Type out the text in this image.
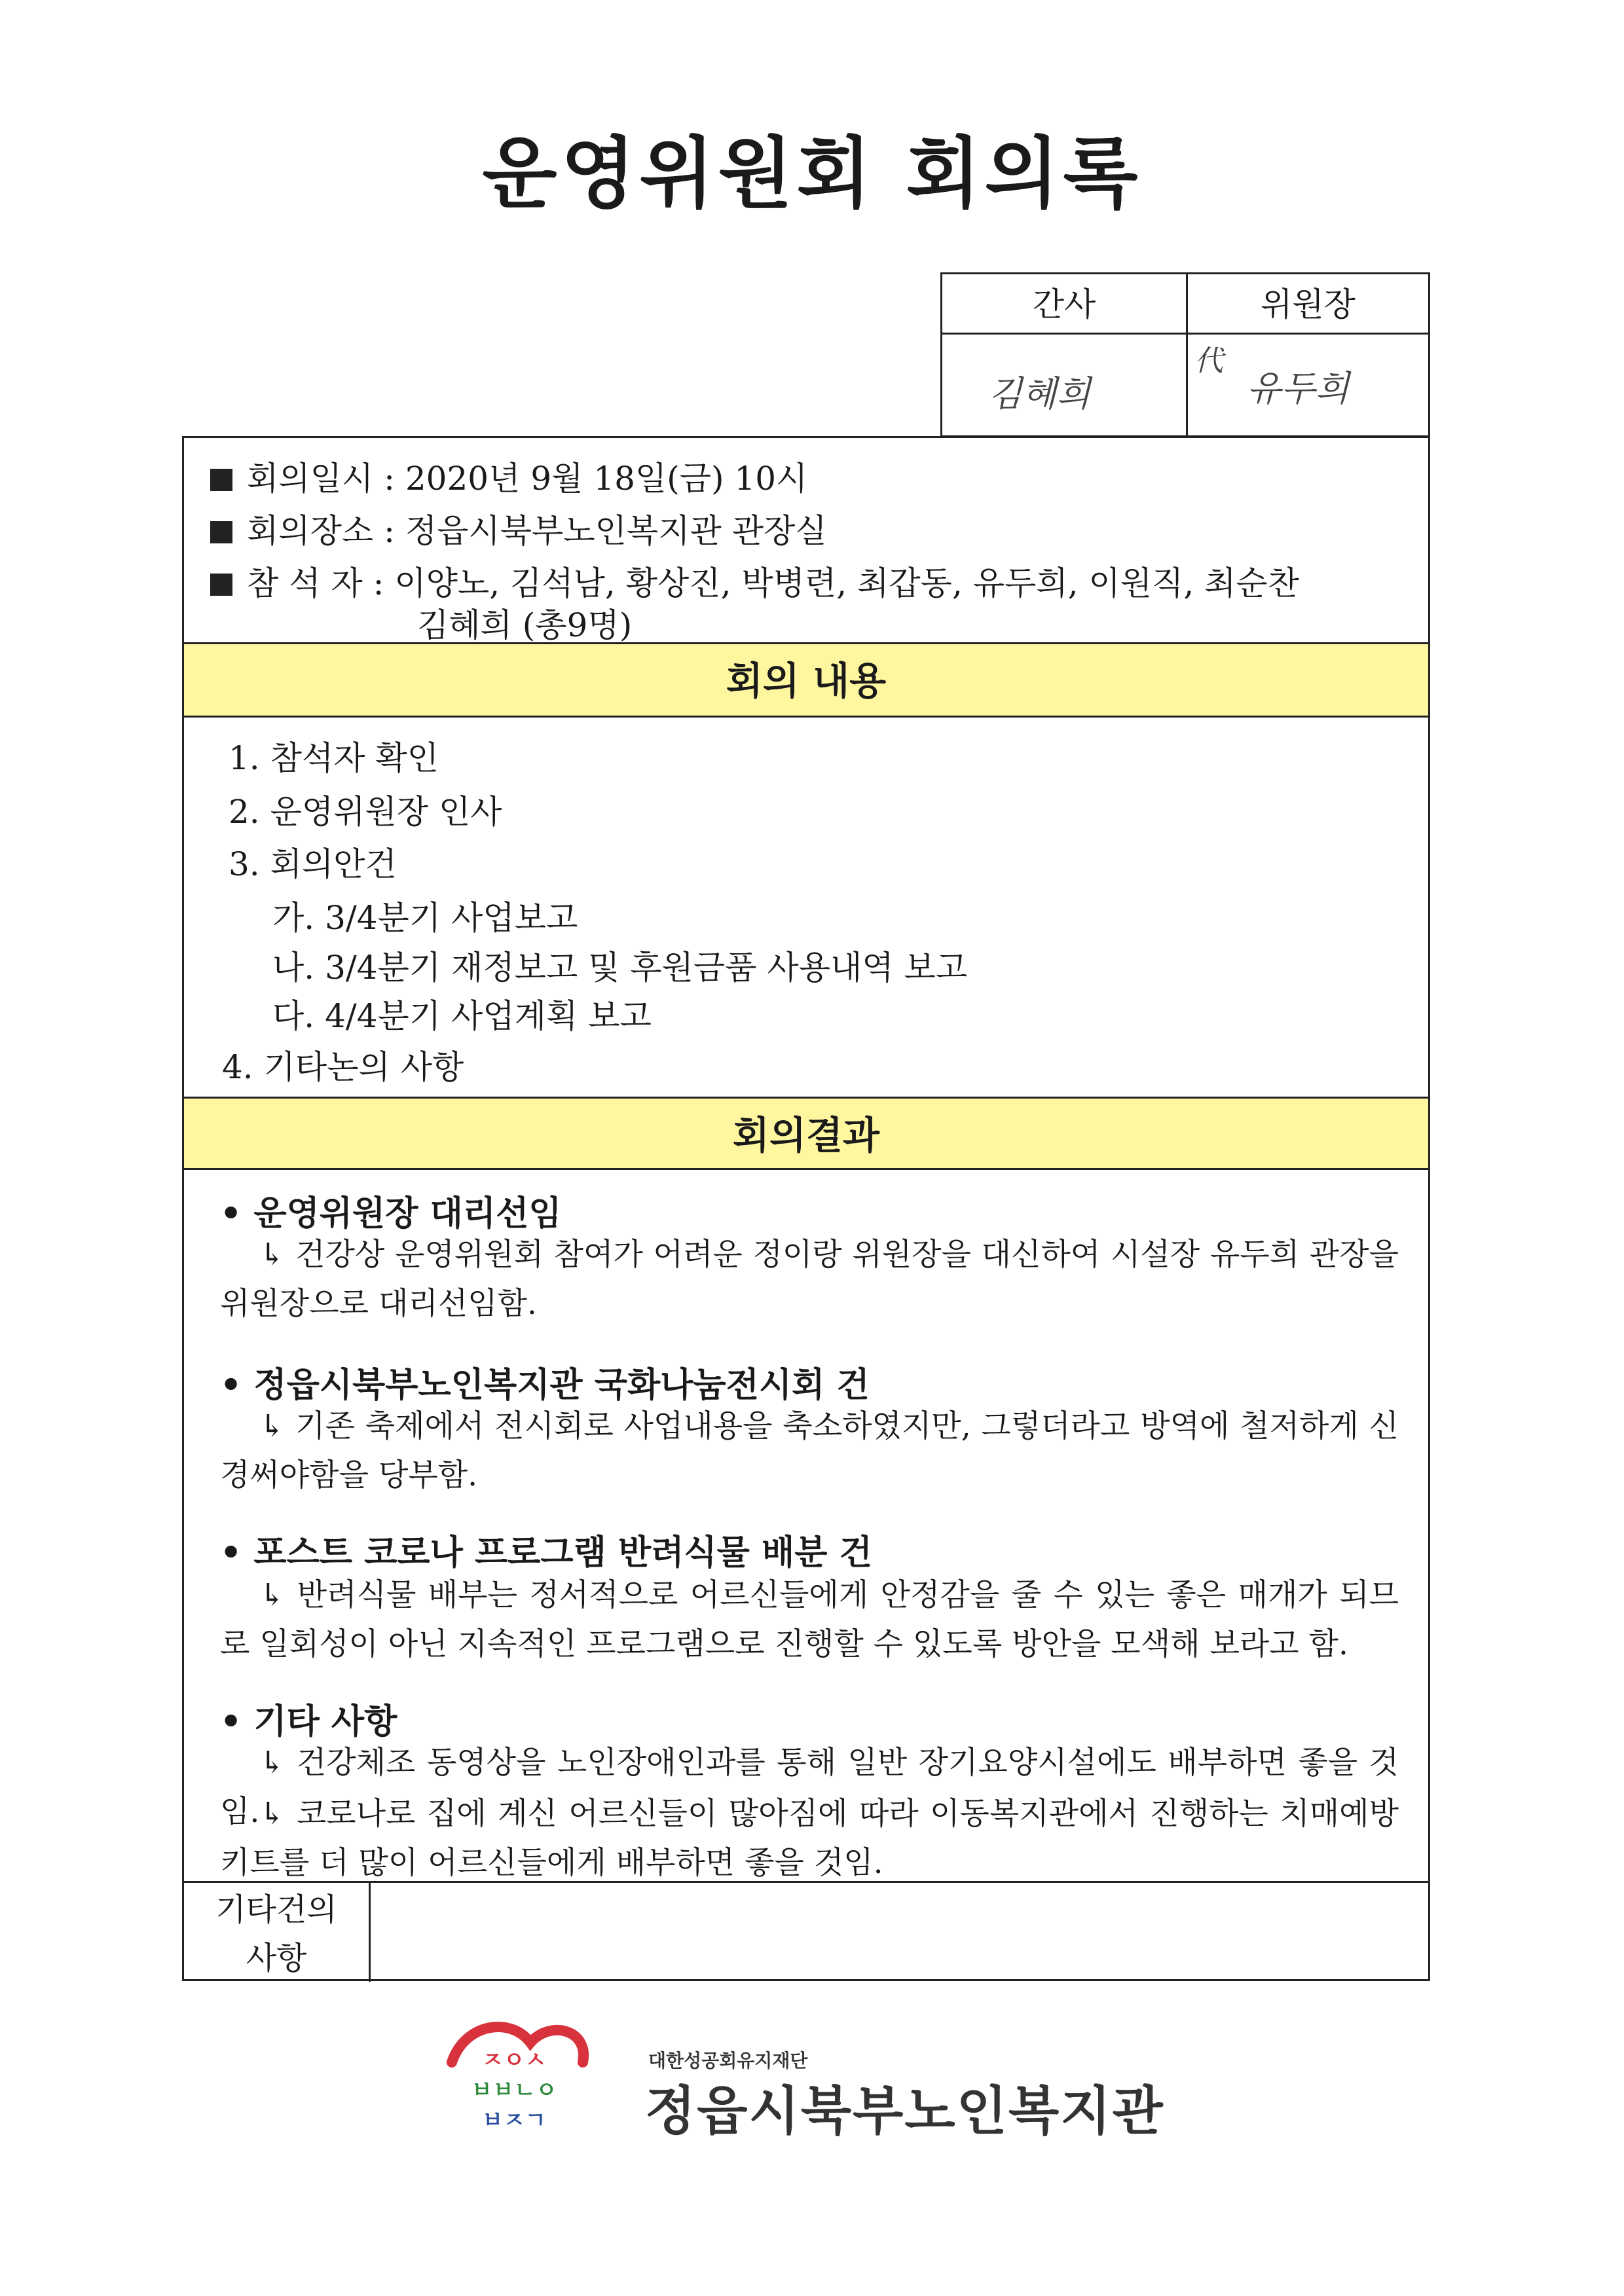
운영위원회 회의록
간사	위원장
김혜희
代
유두희
회의일시 : 2020년 9월 18일(금) 10시
회의장소 : 정읍시북부노인복지관 관장실
참 석 자 : 이양노, 김석남, 황상진, 박병련, 최갑동, 유두희, 이원직, 최순찬
김혜희 (총9명)
회의 내용
1. 참석자 확인
2. 운영위원장 인사
3. 회의안건
가. 3/4분기 사업보고
나. 3/4분기 재정보고 및 후원금품 사용내역 보고
다. 4/4분기 사업계획 보고
4. 기타논의 사항
회의결과
• 운영위원장 대리선임
↳ 건강상 운영위원회 참여가 어려운 정이랑 위원장을 대신하여 시설장 유두희 관장을 위원장으로 대리선임함.
• 정읍시북부노인복지관 국화나눔전시회 건
↳ 기존 축제에서 전시회로 사업내용을 축소하였지만, 그렇더라고 방역에 철저하게 신경써야함을 당부함.
• 포스트 코로나 프로그램 반려식물 배분 건
↳ 반려식물 배부는 정서적으로 어르신들에게 안정감을 줄 수 있는 좋은 매개가 되므로 일회성이 아닌 지속적인 프로그램으로 진행할 수 있도록 방안을 모색해 보라고 함.
• 기타 사항
↳ 건강체조 동영상을 노인장애인과를 통해 일반 장기요양시설에도 배부하면 좋을 것임. ↳ 코로나로 집에 계신 어르신들이 많아짐에 따라 이동복지관에서 진행하는 치매예방 키트를 더 많이 어르신들에게 배부하면 좋을 것임.
기타건의
사항
ㅈㅇㅅ
ㅂㅂㄴㅇ
ㅂㅈㄱ
대한성공회유지재단
정읍시북부노인복지관
